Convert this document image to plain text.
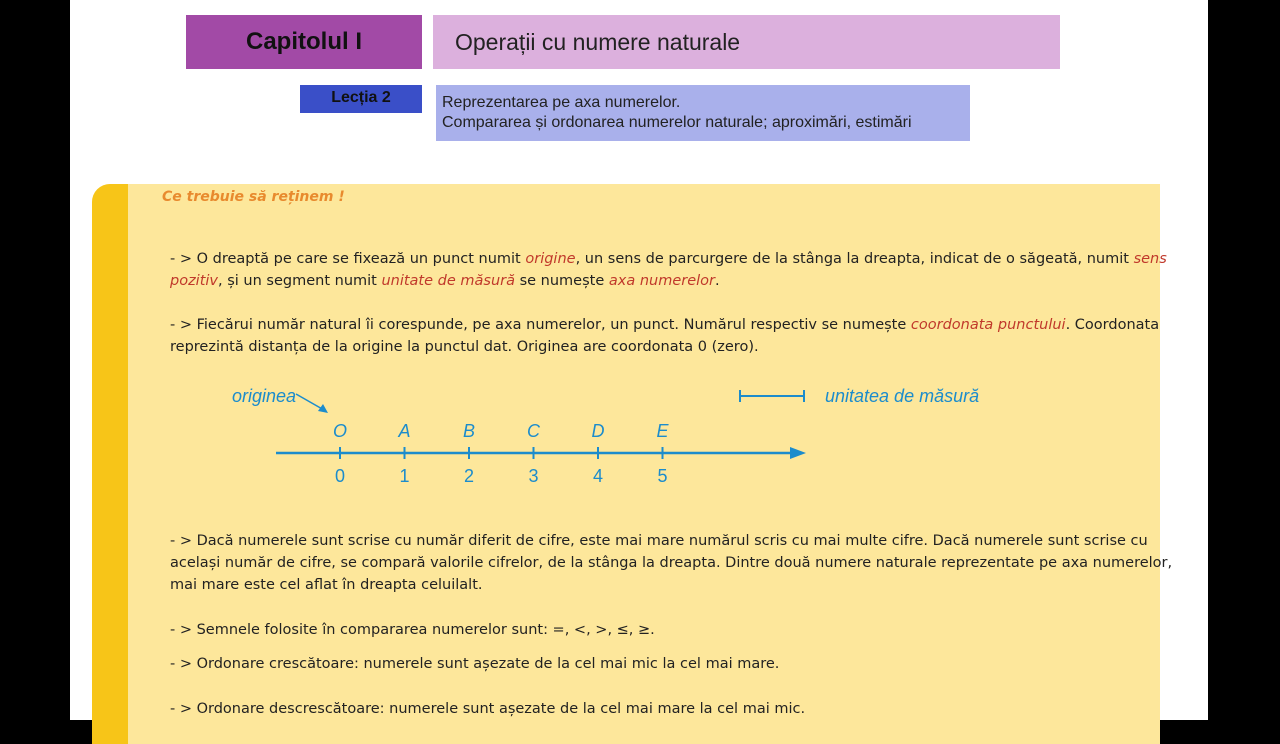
Capitolul I	Operații cu numere naturale
Lecția 2	Reprezentarea pe axa numerelor.
Compararea și ordonarea numerelor naturale; aproximări, estimări
Ce trebuie să reținem !
- > O dreaptă pe care se fixează un punct numit origine, un sens de parcurgere de la stânga la dreapta, indicat de o săgeată, numit sens pozitiv, și un segment numit unitate de măsură se numește axa numerelor.
- > Fiecărui număr natural îi corespunde, pe axa numerelor, un punct. Numărul respectiv se numește coordonata punctului. Coordonata reprezintă distanța de la origine la punctul dat. Originea are coordonata 0 (zero).
originea	unitatea de măsură
O
0
A
1
B
2
C
3
D
4
E
5
- > Dacă numerele sunt scrise cu număr diferit de cifre, este mai mare numărul scris cu mai multe cifre. Dacă numerele sunt scrise cu același număr de cifre, se compară valorile cifrelor, de la stânga la dreapta. Dintre două numere naturale reprezentate pe axa numerelor, mai mare este cel aflat în dreapta celuilalt.
- > Semnele folosite în compararea numerelor sunt: =, <, >, ≤, ≥.
- > Ordonare crescătoare: numerele sunt așezate de la cel mai mic la cel mai mare.
- > Ordonare descrescătoare: numerele sunt așezate de la cel mai mare la cel mai mic.
